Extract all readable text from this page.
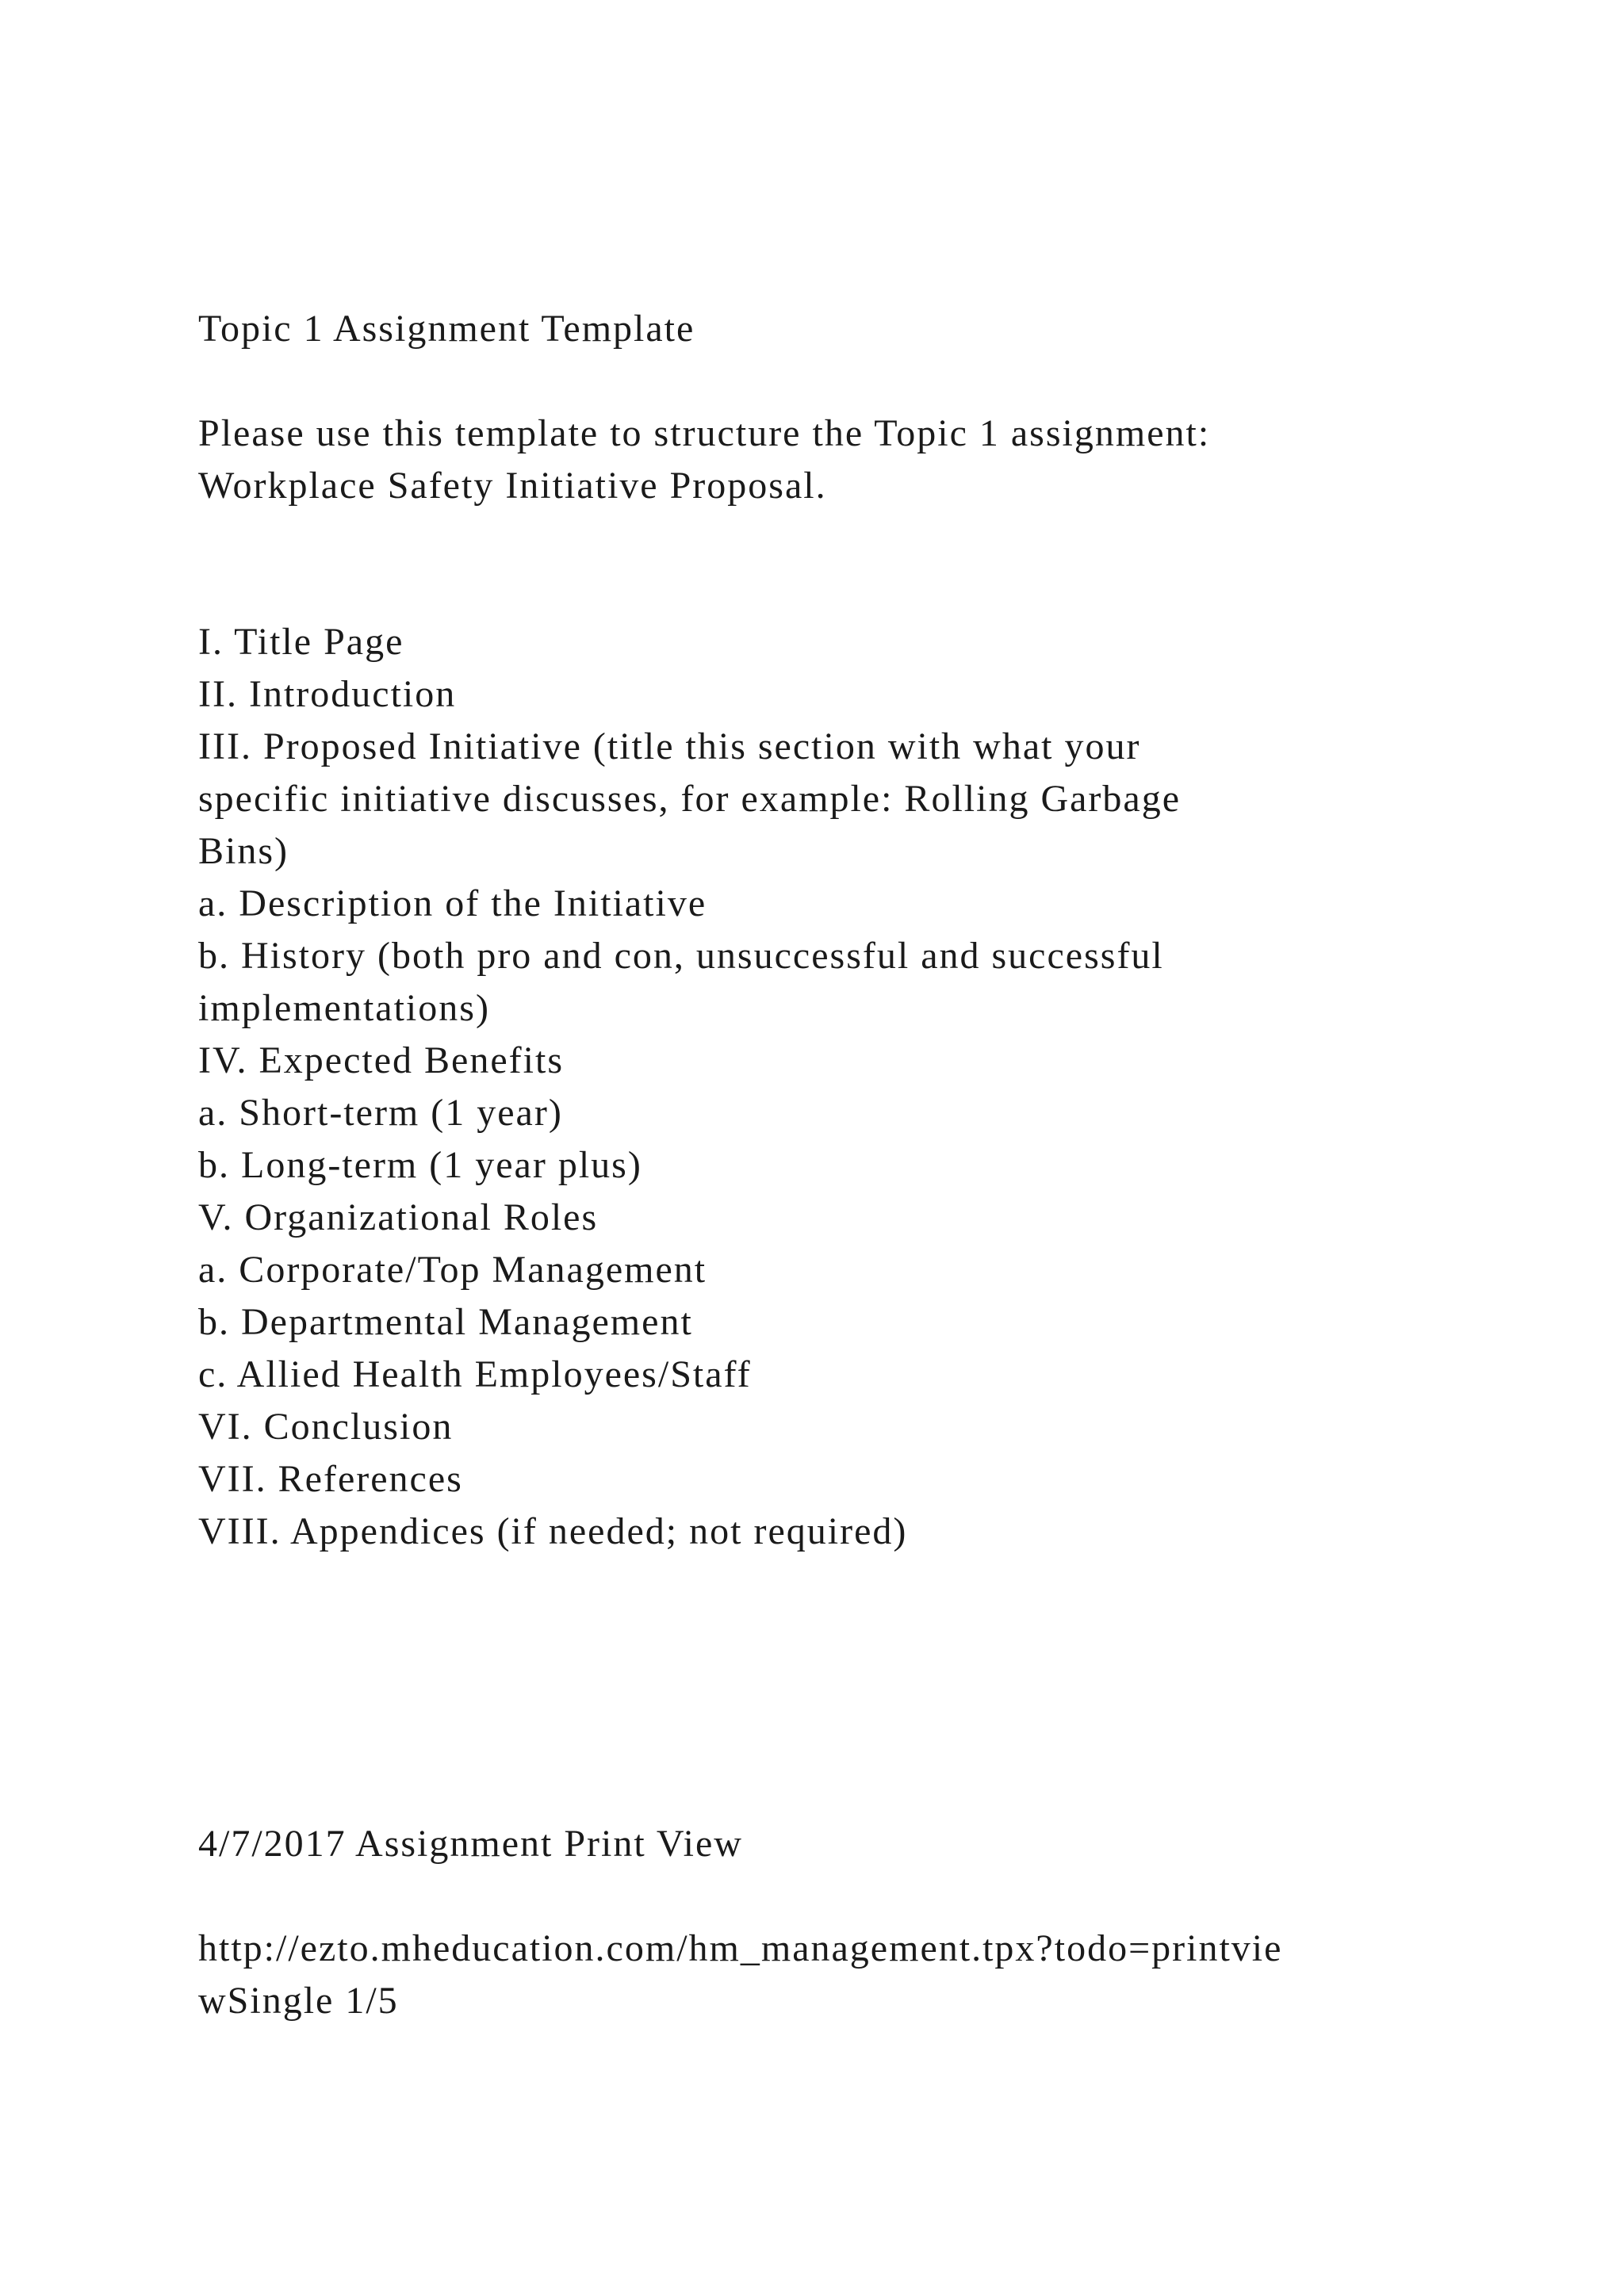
Topic 1 Assignment Template

Please use this template to structure the Topic 1 assignment:

Workplace Safety Initiative Proposal.

I. Title Page

II. Introduction

III. Proposed Initiative (title this section with what your

specific initiative discusses, for example: Rolling Garbage

Bins)

a. Description of the Initiative

b. History (both pro and con, unsuccessful and successful

implementations)

IV. Expected Benefits

a. Short-term (1 year)

b. Long-term (1 year plus)

V. Organizational Roles

a. Corporate/Top Management

b. Departmental Management

c. Allied Health Employees/Staff

VI. Conclusion

VII. References

VIII. Appendices (if needed; not required)

4/7/2017 Assignment Print View

http://ezto.mheducation.com/hm_management.tpx?todo=printvie

wSingle 1/5
